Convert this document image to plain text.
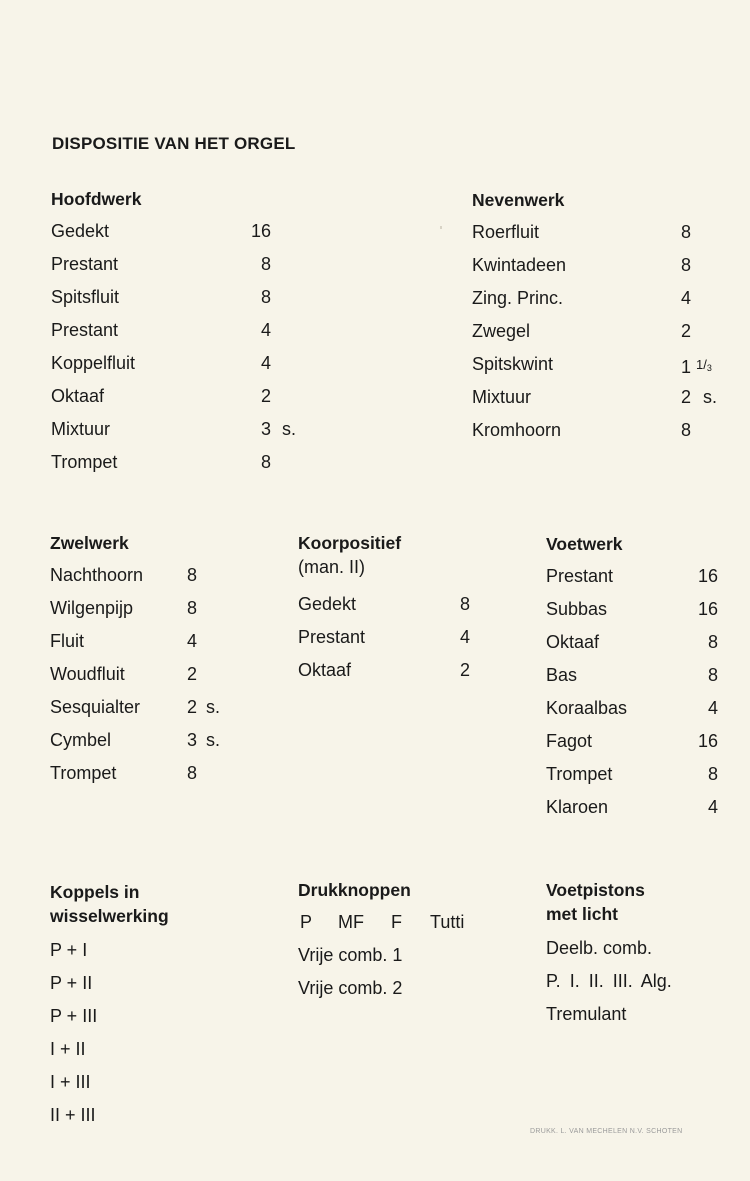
DISPOSITIE VAN HET ORGEL
Hoofdwerk
Gedekt	16
Prestant	8
Spitsfluit	8
Prestant	4
Koppelfluit	4
Oktaaf	2
Mixtuur	3 s.
Trompet	8
Nevenwerk
Roerfluit	8
Kwintadeen	8
Zing. Princ.	4
Zwegel	2
Spitskwint	1 $^{1/_3}$
Mixtuur	2 s.
Kromhoorn	8
Zwelwerk
Nachthoorn 8
Wilgenpijp	8
Fluit	4
Woudfluit	2
Sesquialter	2 s.
Cymbel	3 s.
Trompet	8
Koorpositief
(man. II)
Gedekt	8
Prestant	4
Oktaaf	2
Voetwerk
Prestant	16
Subbas	16
Oktaaf	8
Bas	8
Koraalbas	4
Fagot	16
Trompet	8
Klaroen	4
Koppels in
wisselwerking
P + I
P + II
P + III
I + II
I + III
II + III
Drukknoppen
P MF F Tutti
Vrije comb. 1
Vrije comb. 2
Voetpistons
met licht
Deelb. comb.
P. I. II. III. Alg.
Tremulant
DRUKK. L. VAN MECHELEN N.V. SCHOTEN
